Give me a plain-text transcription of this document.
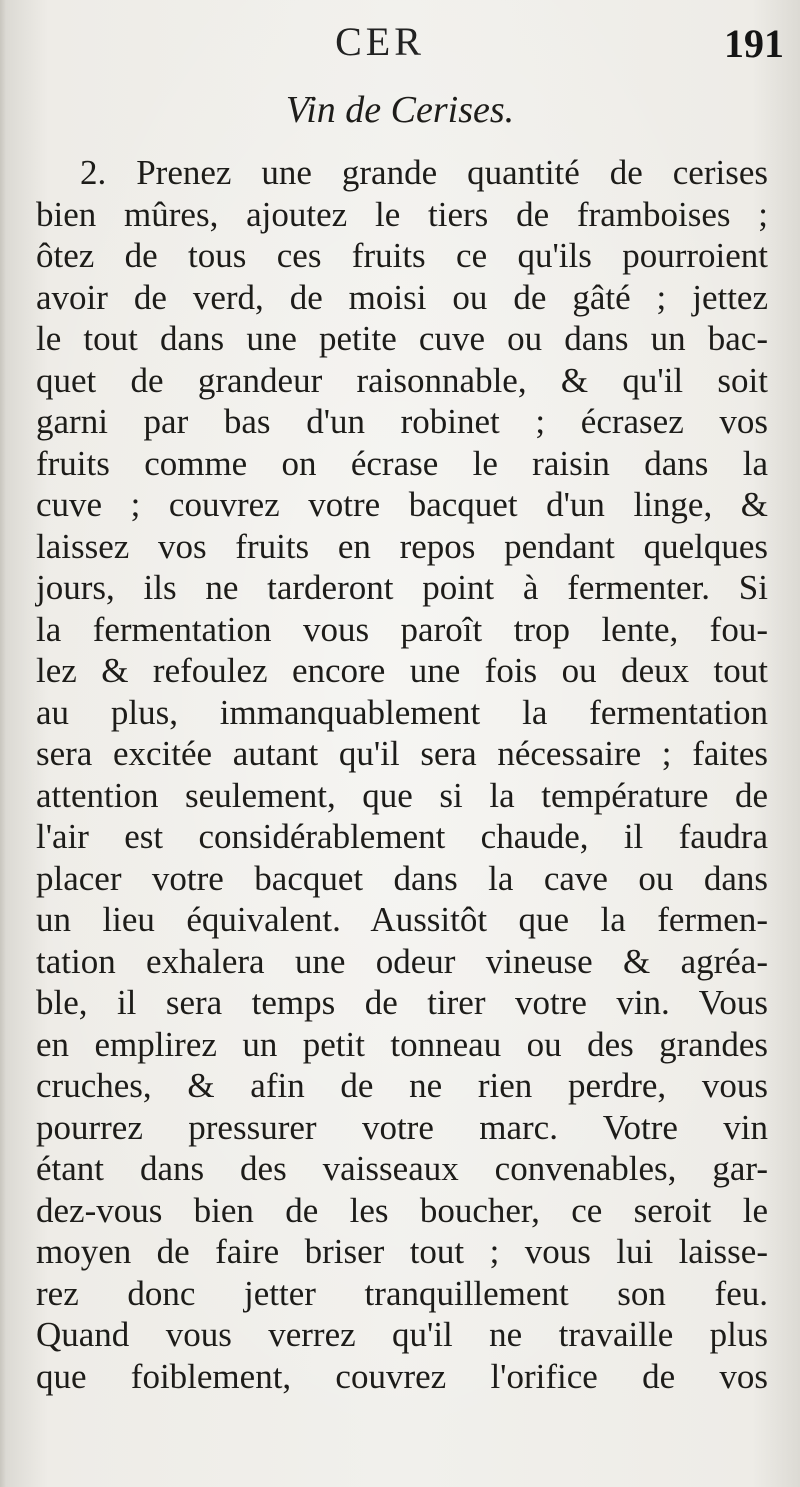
CER	191
Vin de Cerises.
2. Prenez une grande quantité de cerises
bien mûres, ajoutez le tiers de framboises ;
ôtez de tous ces fruits ce qu'ils pourroient
avoir de verd, de moisi ou de gâté ; jettez
le tout dans une petite cuve ou dans un bac-
quet de grandeur raisonnable, & qu'il soit
garni par bas d'un robinet ; écrasez vos
fruits comme on écrase le raisin dans la
cuve ; couvrez votre bacquet d'un linge, &
laissez vos fruits en repos pendant quelques
jours, ils ne tarderont point à fermenter. Si
la fermentation vous paroît trop lente, fou-
lez & refoulez encore une fois ou deux tout
au plus, immanquablement la fermentation
sera excitée autant qu'il sera nécessaire ; faites
attention seulement, que si la température de
l'air est considérablement chaude, il faudra
placer votre bacquet dans la cave ou dans
un lieu équivalent. Aussitôt que la fermen-
tation exhalera une odeur vineuse & agréa-
ble, il sera temps de tirer votre vin. Vous
en emplirez un petit tonneau ou des grandes
cruches, & afin de ne rien perdre, vous
pourrez pressurer votre marc. Votre vin
étant dans des vaisseaux convenables, gar-
dez-vous bien de les boucher, ce seroit le
moyen de faire briser tout ; vous lui laisse-
rez donc jetter tranquillement son feu.
Quand vous verrez qu'il ne travaille plus
que foiblement, couvrez l'orifice de vos
